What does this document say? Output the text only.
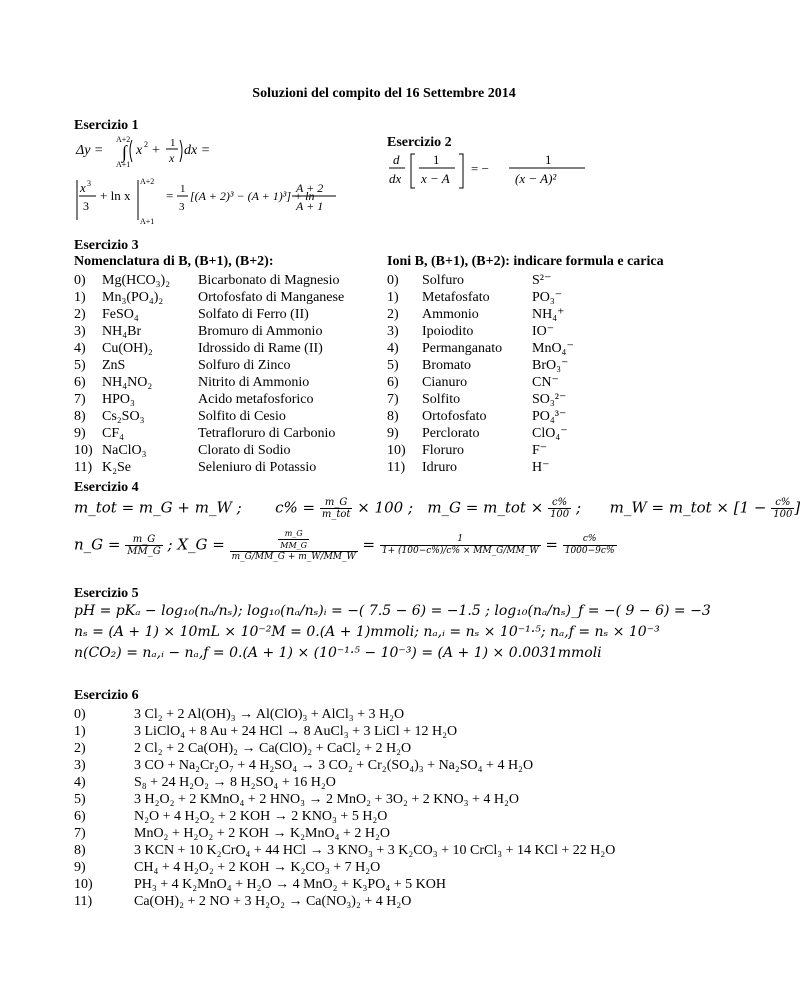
Soluzioni del compito del 16 Settembre 2014
Esercizio 1
Δy =
A+2
∫
A+1
x 2 + 1
x dx =
x 3
3
+ ln x
A+2
A+1
= 1
3
[(A + 2)³ − (A + 1)³] + ln
A + 2
A + 1
Esercizio 2
d
dx
1
x − A
= −
1
(x − A)²
Esercizio 3
Nomenclatura di B, (B+1), (B+2):	Ioni B, (B+1), (B+2): indicare formula e carica
0) Mg(HCO₃)₂ Bicarbonato di Magnesio
1) Mn₃(PO₄)₂ Ortofosfato di Manganese
2) FeSO₄	Solfato di Ferro (II)
3) NH₄Br	Bromuro di Ammonio
4) Cu(OH)₂	Idrossido di Rame (II)
5) ZnS	Solfuro di Zinco
6) NH₄NO₂	Nitrito di Ammonio
7) HPO₃	Acido metafosforico
8) Cs₂SO₃	Solfito di Cesio
9) CF₄	Tetrafloruro di Carbonio
10) NaClO₃	Clorato di Sodio
11) K₂Se	Seleniuro di Potassio
0) Solfuro	S²⁻
1) Metafosfato	PO₃⁻
2) Ammonio	NH₄⁺
3) Ipoiodito	IO⁻
4) Permanganato MnO₄⁻
5) Bromato	BrO₃⁻
6) Cianuro	CN⁻
7) Solfito	SO₃²⁻
8) Ortofosfato	PO₄³⁻
9) Perclorato	ClO₄⁻
10) Floruro	F⁻
11) Idruro	H⁻
Esercizio 4
m_tot = m_G + m_W ; $c\% = \frac{m\_G}{\text{m\_tot}} \times 100$ ; m_G = m_tot × $\frac{c\%}{100}$ ; m_W = m_tot × [$1 - \frac{c\%}{100}$ ]
n_G = $\frac{m\_G}{MM\_G}$ ; X_G = $\frac{\frac{m\_G}{MM\_G}}{m\_G/MM\_G + m\_W/MM\_W} = \frac{1}{1+ (100-c\%)/c\% \times MM\_G/MM\_W} = \frac{c\%}{1000-9c\%}$
Esercizio 5
pH = pKₐ − log₁₀(nₐ/nₛ); log₁₀(nₐ/nₛ)ᵢ = −( 7.5 − 6) = −1.5 ; log₁₀(nₐ/nₛ)_f = −( 9 − 6) = −3
nₛ = (A + 1) × 10mL × 10⁻²M = 0.(A + 1)mmoli; nₐ,ᵢ = nₛ × 10⁻¹·⁵; nₐ,f = nₛ × 10⁻³
n(CO₂) = nₐ,ᵢ − nₐ,f = 0.(A + 1) × (10⁻¹·⁵ − 10⁻³) = (A + 1) × 0.0031mmoli
Esercizio 6
0)	3 Cl₂ + 2 Al(OH)₃ → Al(ClO)₃ + AlCl₃ + 3 H₂O
1)	3 LiClO₄ + 8 Au + 24 HCl → 8 AuCl₃ + 3 LiCl + 12 H₂O
2)	2 Cl₂ + 2 Ca(OH)₂ → Ca(ClO)₂ + CaCl₂ + 2 H₂O
3)	3 CO + Na₂Cr₂O₇ + 4 H₂SO₄ → 3 CO₂ + Cr₂(SO₄)₃ + Na₂SO₄ + 4 H₂O
4)	S₈ + 24 H₂O₂ → 8 H₂SO₄ + 16 H₂O
5)	3 H₂O₂ + 2 KMnO₄ + 2 HNO₃ → 2 MnO₂ + 3O₂ + 2 KNO₃ + 4 H₂O
6)	N₂O + 4 H₂O₂ + 2 KOH → 2 KNO₃ + 5 H₂O
7)	MnO₂ + H₂O₂ + 2 KOH → K₂MnO₄ + 2 H₂O
8)	3 KCN + 10 K₂CrO₄ + 44 HCl → 3 KNO₃ + 3 K₂CO₃ + 10 CrCl₃ + 14 KCl + 22 H₂O
9)	CH₄ + 4 H₂O₂ + 2 KOH → K₂CO₃ + 7 H₂O
10)	PH₃ + 4 K₂MnO₄ + H₂O → 4 MnO₂ + K₃PO₄ + 5 KOH
11)	Ca(OH)₂ + 2 NO + 3 H₂O₂ → Ca(NO₃)₂ + 4 H₂O
